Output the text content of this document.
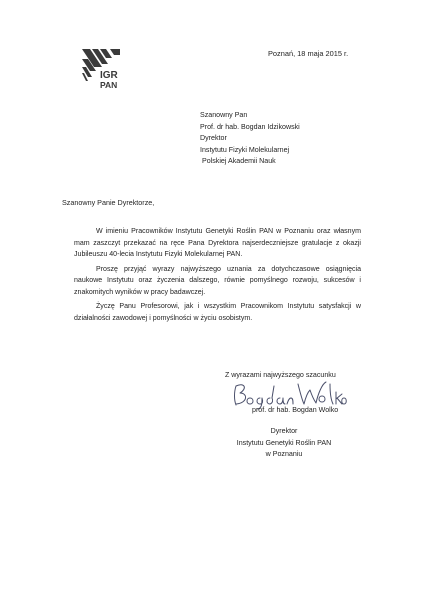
IGR
PAN
Poznań, 18 maja 2015 r.
Szanowny Pan
Prof. dr hab. Bogdan Idzikowski
Dyrektor
Instytutu Fizyki Molekularnej
Polskiej Akademii Nauk
Szanowny Panie Dyrektorze,

W imieniu Pracowników Instytutu Genetyki Roślin PAN w Poznaniu oraz własnym mam zaszczyt przekazać na ręce Pana Dyrektora najserdeczniejsze gratulacje z okazji Jubileuszu 40-lecia Instytutu Fizyki Molekularnej PAN.

Proszę przyjąć wyrazy najwyższego uznania za dotychczasowe osiągnięcia naukowe Instytutu oraz życzenia dalszego, równie pomyślnego rozwoju, sukcesów i znakomitych wyników w pracy badawczej.

Życzę Panu Profesorowi, jak i wszystkim Pracownikom Instytutu satysfakcji w działalności zawodowej i pomyślności w życiu osobistym.

Z wyrazami najwyższego szacunku
prof. dr hab. Bogdan Wolko
Dyrektor
Instytutu Genetyki Roślin PAN
w Poznaniu
